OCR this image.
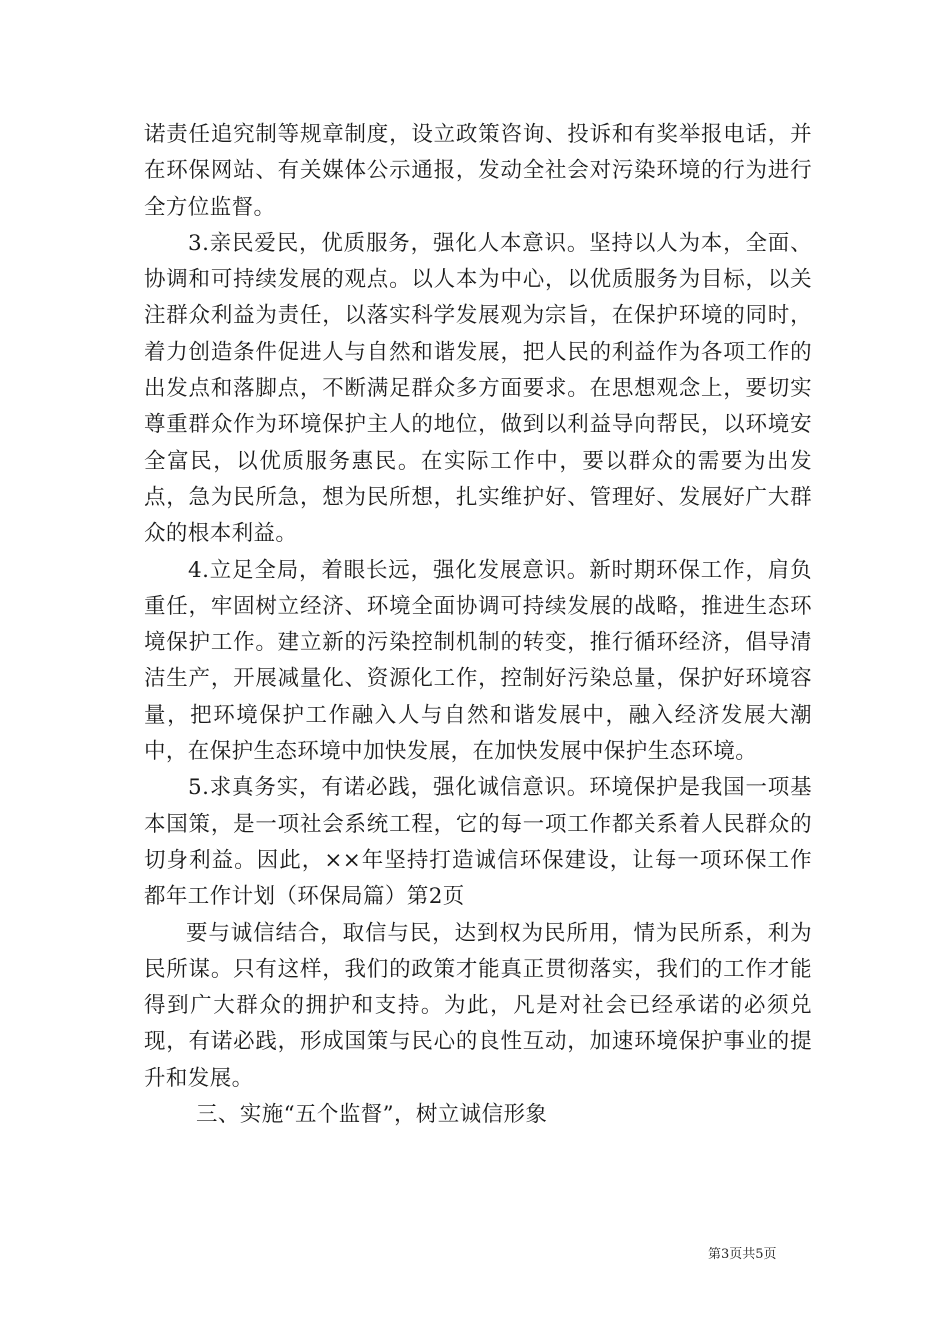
诺责任追究制等规章制度，设立政策咨询、投诉和有奖举报电话，并在环保网站、有关媒体公示通报，发动全社会对污染环境的行为进行全方位监督。

3.亲民爱民，优质服务，强化人本意识。坚持以人为本，全面、协调和可持续发展的观点。以人本为中心，以优质服务为目标，以关注群众利益为责任，以落实科学发展观为宗旨，在保护环境的同时，着力创造条件促进人与自然和谐发展，把人民的利益作为各项工作的出发点和落脚点，不断满足群众多方面要求。在思想观念上，要切实尊重群众作为环境保护主人的地位，做到以利益导向帮民，以环境安全富民，以优质服务惠民。在实际工作中，要以群众的需要为出发点，急为民所急，想为民所想，扎实维护好、管理好、发展好广大群众的根本利益。

4.立足全局，着眼长远，强化发展意识。新时期环保工作，肩负重任，牢固树立经济、环境全面协调可持续发展的战略，推进生态环境保护工作。建立新的污染控制机制的转变，推行循环经济，倡导清洁生产，开展减量化、资源化工作，控制好污染总量，保护好环境容量，把环境保护工作融入人与自然和谐发展中，融入经济发展大潮中，在保护生态环境中加快发展，在加快发展中保护生态环境。

5.求真务实，有诺必践，强化诚信意识。环境保护是我国一项基本国策，是一项社会系统工程，它的每一项工作都关系着人民群众的切身利益。因此，××年坚持打造诚信环保建设，让每一项环保工作都年工作计划（环保局篇）第2页

要与诚信结合，取信与民，达到权为民所用，情为民所系，利为民所谋。只有这样，我们的政策才能真正贯彻落实，我们的工作才能得到广大群众的拥护和支持。为此，凡是对社会已经承诺的必须兑现，有诺必践，形成国策与民心的良性互动，加速环境保护事业的提升和发展。

三、实施“五个监督”，树立诚信形象

第3页共5页
